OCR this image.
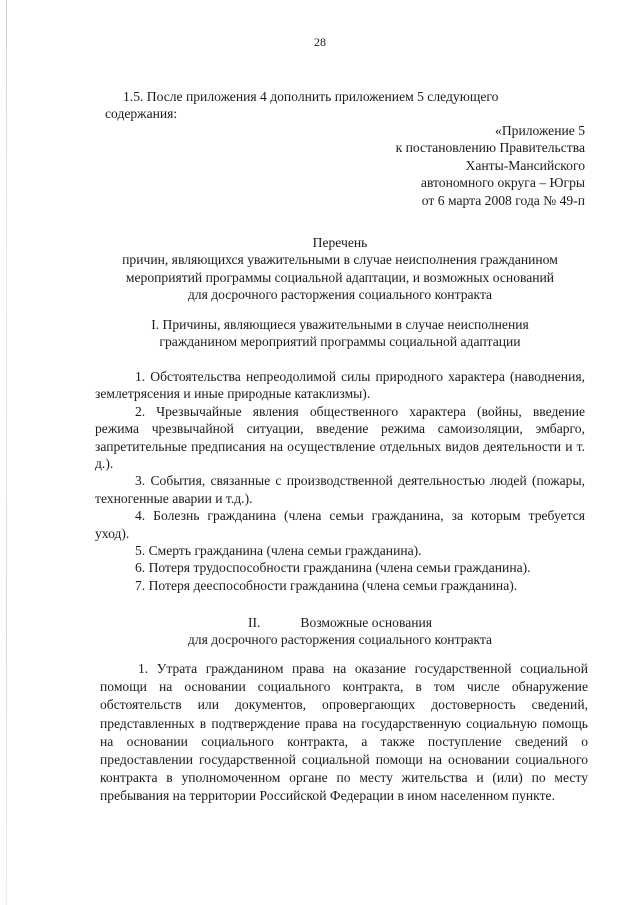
28

1.5. После приложения 4 дополнить приложением 5 следующего

содержания:

«Приложение 5
к постановлению Правительства
Ханты-Мансийского
автономного округа – Югры
от 6 марта 2008 года № 49-п
Перечень
причин, являющихся уважительными в случае неисполнения гражданином
мероприятий программы социальной адаптации, и возможных оснований
для досрочного расторжения социального контракта
I. Причины, являющиеся уважительными в случае неисполнения
гражданином мероприятий программы социальной адаптации

1. Обстоятельства непреодолимой силы природного характера (наводнения, землетрясения и иные природные катаклизмы).

2. Чрезвычайные явления общественного характера (войны, введение режима чрезвычайной ситуации, введение режима самоизоляции, эмбарго, запретительные предписания на осуществление отдельных видов деятельности и т. д.).

3. События, связанные с производственной деятельностью людей (пожары, техногенные аварии и т.д.).

4. Болезнь гражданина (члена семьи гражданина, за которым требуется уход).

5. Смерть гражданина (члена семьи гражданина).

6. Потеря трудоспособности гражданина (члена семьи гражданина).

7. Потеря дееспособности гражданина (члена семьи гражданина).

II.	Возможные основания
для досрочного расторжения социального контракта

1. Утрата гражданином права на оказание государственной социальной помощи на основании социального контракта, в том числе обнаружение обстоятельств или документов, опровергающих достоверность сведений, представленных в подтверждение права на государственную социальную помощь на основании социального контракта, а также поступление сведений о предоставлении государственной социальной помощи на основании социального контракта в уполномоченном органе по месту жительства и (или) по месту пребывания на территории Российской Федерации в ином населенном пункте.
